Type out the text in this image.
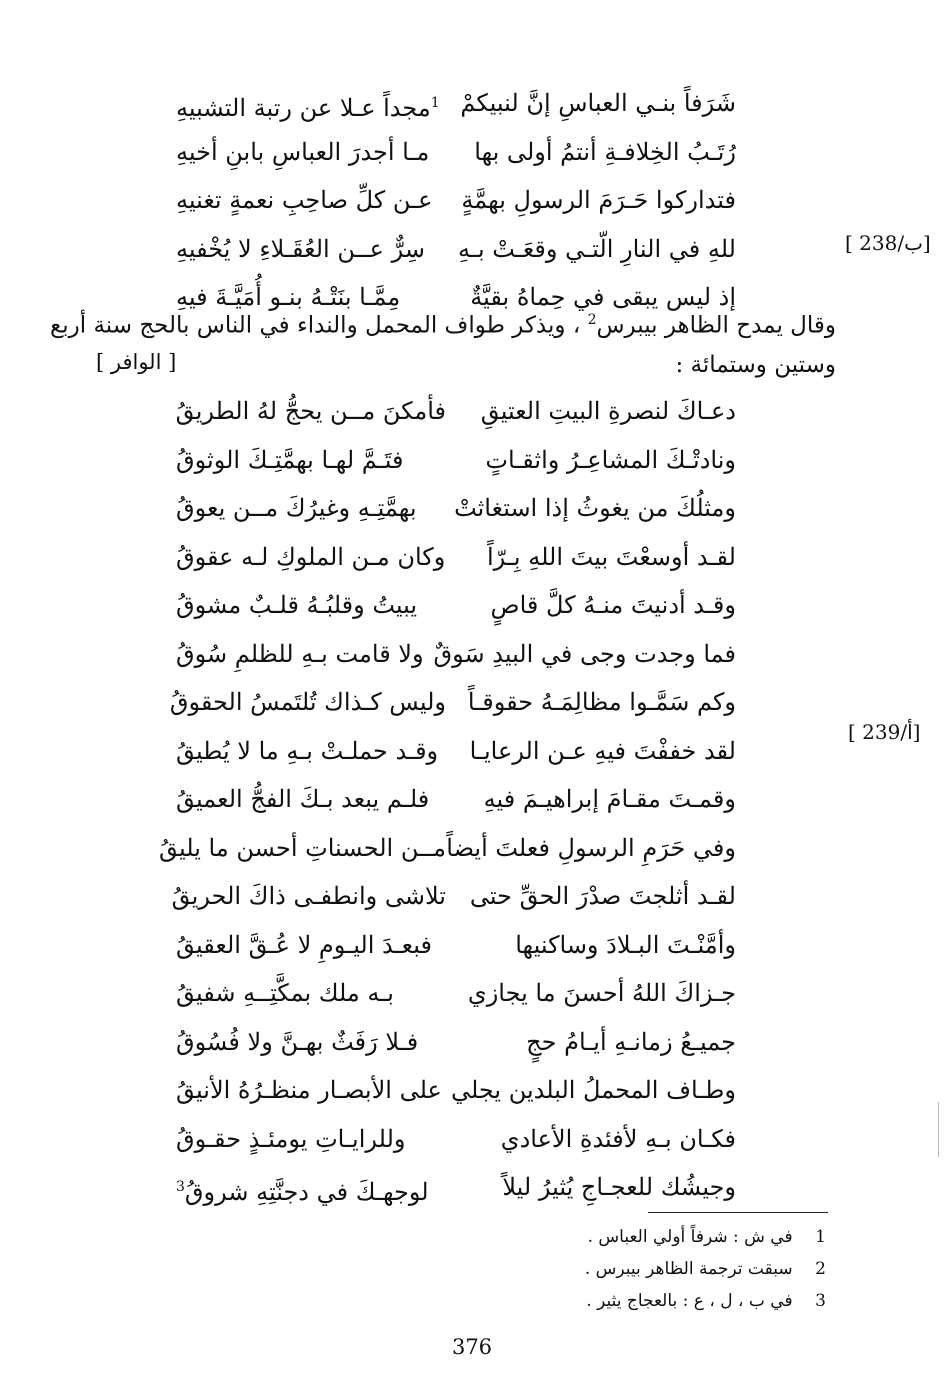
شَرَفاً بنـي العباسِ إنَّ لنبيكمْ
$^1$مجداً عـلا عن رتبة التشبيهِ
رُتَـبُ الخِلافـةِ أنتمُ أولى بها
مـا أجدرَ العباسِ بابنِ أخيهِ
فتداركوا حَـرَمَ الرسولِ بهمَّةٍ
عـن كلِّ صاحِبِ نعمةٍ تغنيهِ
للهِ في النارِ الّتـي وقعَـتْ بـهِ
سِرٌّ عــن العُقَـلاءِ لا يُخْفيهِ
إذ ليس يبقى في حِماهُ بقيَّةٌ
مِمَّـا بنَتْـهُ بنـو أُمَيَّـةَ فيهِ
[ 238/ب]
وقال يمدح الظاهر بيبرس$^2$ ، ويذكر طواف المحمل والنداء في الناس بالحج سنة أربع
وستين وستمائة :
[ الوافر ]
دعـاكَ لنصرةِ البيتِ العتيقِ
فأمكنَ مــن يحجُّ لهُ الطريقُ
ونادتْـكَ المشاعِـرُ واثقـاتٍ
فتَـمَّ لهـا بهمَّتِـكَ الوثوقُ
ومثلُكَ من يغوثُ إذا استغاثتْ
بهمَّتِـهِ وغيرُكَ مــن يعوقُ
لقـد أوسعْتَ بيتَ اللهِ بِـرّاً
وكان مـن الملوكِ لـه عقوقُ
وقـد أدنيتَ منـهُ كلَّ قاصٍ
يبيتُ وقلبُـهُ قلـبٌ مشوقُ
فما وجدت وجى في البيدِ سَوقٌ
ولا قامت بـهِ للظلمِ سُوقُ
وكم سَمَّـوا مظالِمَـهُ حقوقـاً
وليس كـذاك تُلتَمسُ الحقوقُ
لقد خففْتَ فيهِ عـن الرعايـا
وقـد حملـتْ بـهِ ما لا يُطيقُ
وقمـتَ مقـامَ إبراهيـمَ فيهِ
فلـم يبعد بـكَ الفجُّ العميقُ
وفي حَرَمِ الرسولِ فعلتَ أيضاً
مــن الحسناتِ أحسن ما يليقُ
لقـد أثلجتَ صدْرَ الحقِّ حتى
تلاشى وانطفـى ذاكَ الحريقُ
وأمَّنْـتَ البـلادَ وساكنيها
فبعـدَ اليـومِ لا عُـقَّ العقيقُ
جـزاكَ اللهُ أحسنَ ما يجازي
بـه ملك بمكَّتِــهِ شفيقُ
جميـعُ زمانـهِ أيـامُ حجٍ
فـلا رَفَثٌ بهـنَّ ولا فُسُوقُ
وطـاف المحملُ البلدين يجلي
على الأبصـار منظـرُهُ الأنيقُ
فكـان بـهِ لأفئدةِ الأعادي
وللرايـاتِ يومئـذٍ حقـوقُ
وجيشُك للعجـاجِ يُثيرُ ليلاً
لوجهـكَ في دجنَّتِهِ شروقُ$^3$
[ 239/أ]
1 في ش : شرفاً أولي العباس .
2 سبقت ترجمة الظاهر بيبرس .
3 في ب ، ل ، ع : بالعجاج يثير .
376
